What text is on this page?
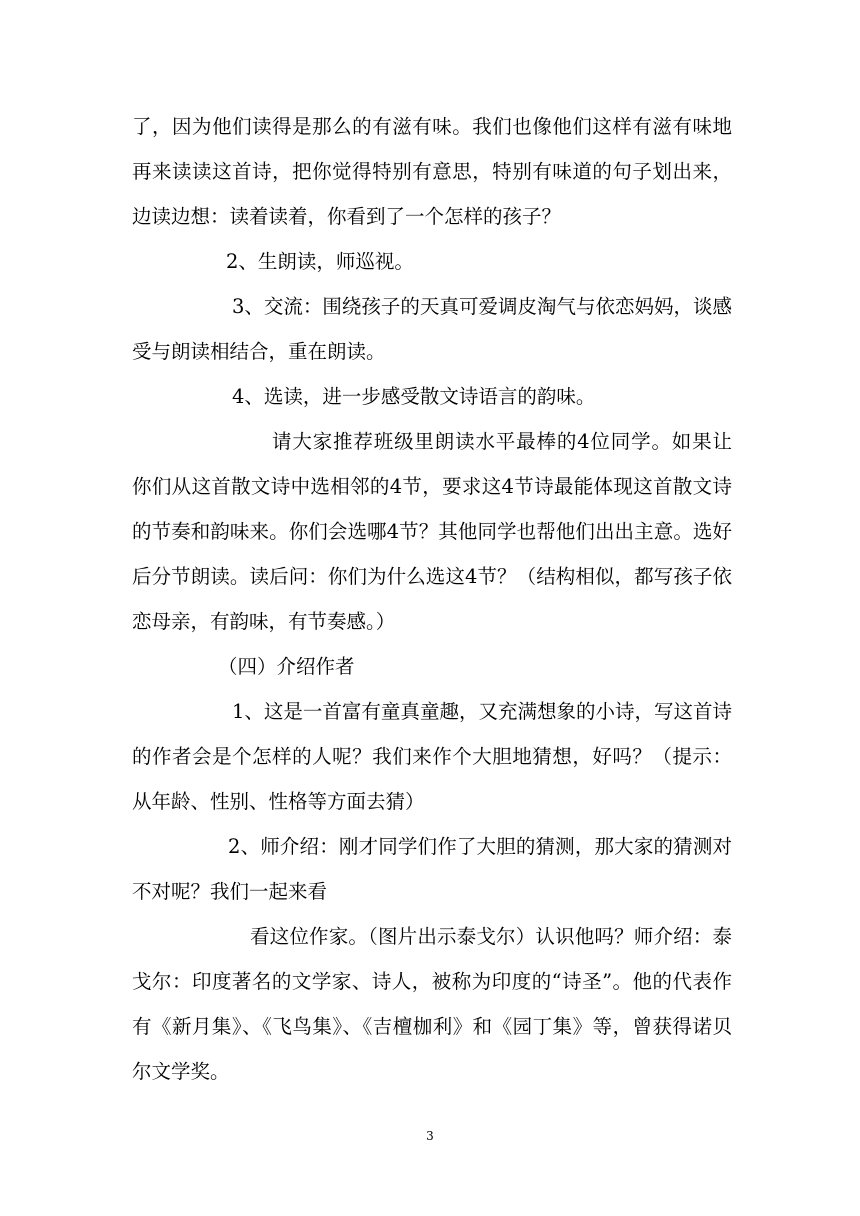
了，因为他们读得是那么的有滋有味。我们也像他们这样有滋有味地再来读读这首诗，把你觉得特别有意思，特别有味道的句子划出来，边读边想：读着读着，你看到了一个怎样的孩子？

2、生朗读，师巡视。

3、交流：围绕孩子的天真可爱调皮淘气与依恋妈妈，谈感受与朗读相结合，重在朗读。

4、选读，进一步感受散文诗语言的韵味。

请大家推荐班级里朗读水平最棒的4位同学。如果让你们从这首散文诗中选相邻的4节，要求这4节诗最能体现这首散文诗的节奏和韵味来。你们会选哪4节？其他同学也帮他们出出主意。选好后分节朗读。读后问：你们为什么选这4节？（结构相似，都写孩子依恋母亲，有韵味，有节奏感。）

（四）介绍作者

1、这是一首富有童真童趣，又充满想象的小诗，写这首诗的作者会是个怎样的人呢？我们来作个大胆地猜想，好吗？（提示：从年龄、性别、性格等方面去猜）

2、师介绍：刚才同学们作了大胆的猜测，那大家的猜测对不对呢？我们一起来看

看这位作家。（图片出示泰戈尔）认识他吗？师介绍：泰戈尔：印度著名的文学家、诗人，被称为印度的“诗圣”。他的代表作有《新月集》、《飞鸟集》、《吉檀枷利》和《园丁集》等，曾获得诺贝尔文学奖。

3
